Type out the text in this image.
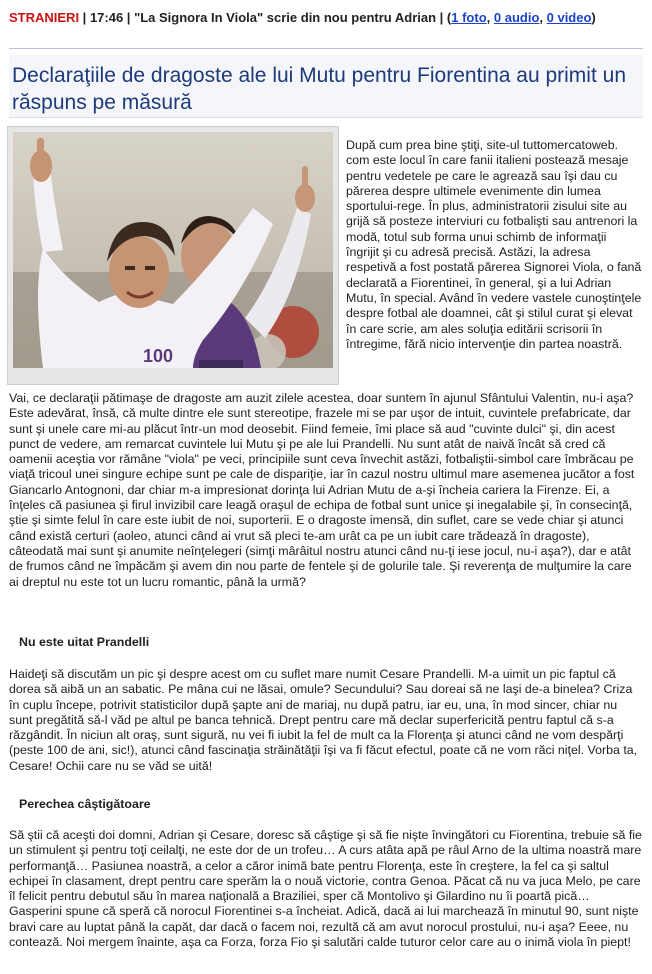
STRANIERI | 17:46 | "La Signora In Viola" scrie din nou pentru Adrian | (1 foto, 0 audio, 0 video)
Declaraţiile de dragoste ale lui Mutu pentru Fiorentina au primit un răspuns pe măsură
100

După cum prea bine ştiţi, site-ul tuttomercatoweb. com este locul în care fanii italieni postează mesaje pentru vedetele pe care le agrează sau îşi dau cu părerea despre ultimele evenimente din lumea sportului-rege. În plus, administratorii zisului site au grijă să posteze interviuri cu fotbalişti sau antrenori la modă, totul sub forma unui schimb de informaţii îngrijit şi cu adresă precisă. Astăzi, la adresa respetivă a fost postată părerea Signorei Viola, o fană declarată a Fiorentinei, în general, şi a lui Adrian Mutu, în special. Având în vedere vastele cunoştinţele despre fotbal ale doamnei, cât şi stilul curat şi elevat în care scrie, am ales soluţia editării scrisorii în întregime, fără nicio intervenţie din partea noastră.

Vai, ce declaraţii pătimaşe de dragoste am auzit zilele acestea, doar suntem în ajunul Sfântului Valentin, nu-i aşa? Este adevărat, însă, că multe dintre ele sunt stereotipe, frazele mi se par uşor de intuit, cuvintele prefabricate, dar sunt şi unele care mi-au plăcut într-un mod deosebit. Fiind femeie, îmi place să aud "cuvinte dulci" şi, din acest punct de vedere, am remarcat cuvintele lui Mutu şi pe ale lui Prandelli. Nu sunt atât de naivă încât să cred că oamenii aceştia vor rămâne "viola" pe veci, principiile sunt ceva învechit astăzi, fotbaliştii-simbol care îmbrăcau pe viaţă tricoul unei singure echipe sunt pe cale de dispariţie, iar în cazul nostru ultimul mare asemenea jucător a fost Giancarlo Antognoni, dar chiar m-a impresionat dorinţa lui Adrian Mutu de a-şi încheia cariera la Firenze. Ei, a înţeles că pasiunea şi firul invizibil care leagă oraşul de echipa de fotbal sunt unice şi inegalabile şi, în consecinţă, ştie şi simte felul în care este iubit de noi, suporterii. E o dragoste imensă, din suflet, care se vede chiar şi atunci când există certuri (aoleo, atunci când ai vrut să pleci te-am urât ca pe un iubit care trădează în dragoste), câteodată mai sunt şi anumite neînţelegeri (simţi mârâitul nostru atunci când nu-ţi iese jocul, nu-i aşa?), dar e atât de frumos când ne împăcăm şi avem din nou parte de fentele şi de golurile tale. Şi reverenţa de mulţumire la care ai dreptul nu este tot un lucru romantic, până la urmă?

Nu este uitat Prandelli

Haideţi să discutăm un pic şi despre acest om cu suflet mare numit Cesare Prandelli. M-a uimit un pic faptul că dorea să aibă un an sabatic. Pe mâna cui ne lăsai, omule? Secundului? Sau doreai să ne laşi de-a binelea? Criza în cuplu începe, potrivit statisticilor după şapte ani de mariaj, nu după patru, iar eu, una, în mod sincer, chiar nu sunt pregătită să-l văd pe altul pe banca tehnică. Drept pentru care mă declar superfericită pentru faptul că s-a răzgândit. În niciun alt oraş, sunt sigură, nu vei fi iubit la fel de mult ca la Florenţa şi atunci când ne vom despărţi (peste 100 de ani, sic!), atunci când fascinaţia străinătăţii îşi va fi făcut efectul, poate că ne vom răci niţel. Vorba ta, Cesare! Ochii care nu se văd se uită!

Perechea câştigătoare

Să ştii că aceşti doi domni, Adrian şi Cesare, doresc să câştige şi să fie nişte învingători cu Fiorentina, trebuie să fie un stimulent şi pentru toţi ceilalţi, ne este dor de un trofeu… A curs atâta apă pe râul Arno de la ultima noastră mare performanţă… Pasiunea noastră, a celor a căror inimă bate pentru Florenţa, este în creştere, la fel ca şi saltul echipei în clasament, drept pentru care sperăm la o nouă victorie, contra Genoa. Păcat că nu va juca Melo, pe care îl felicit pentru debutul său în marea naţională a Braziliei, sper că Montolivo şi Gilardino nu îi poartă pică… Gasperini spune că speră că norocul Fiorentinei s-a încheiat. Adică, dacă ai lui marchează în minutul 90, sunt nişte bravi care au luptat până la capăt, dar dacă o facem noi, rezultă că am avut norocul prostului, nu-i aşa? Eeee, nu contează. Noi mergem înainte, aşa ca Forza, forza Fio şi salutări calde tuturor celor care au o inimă viola în piept!
